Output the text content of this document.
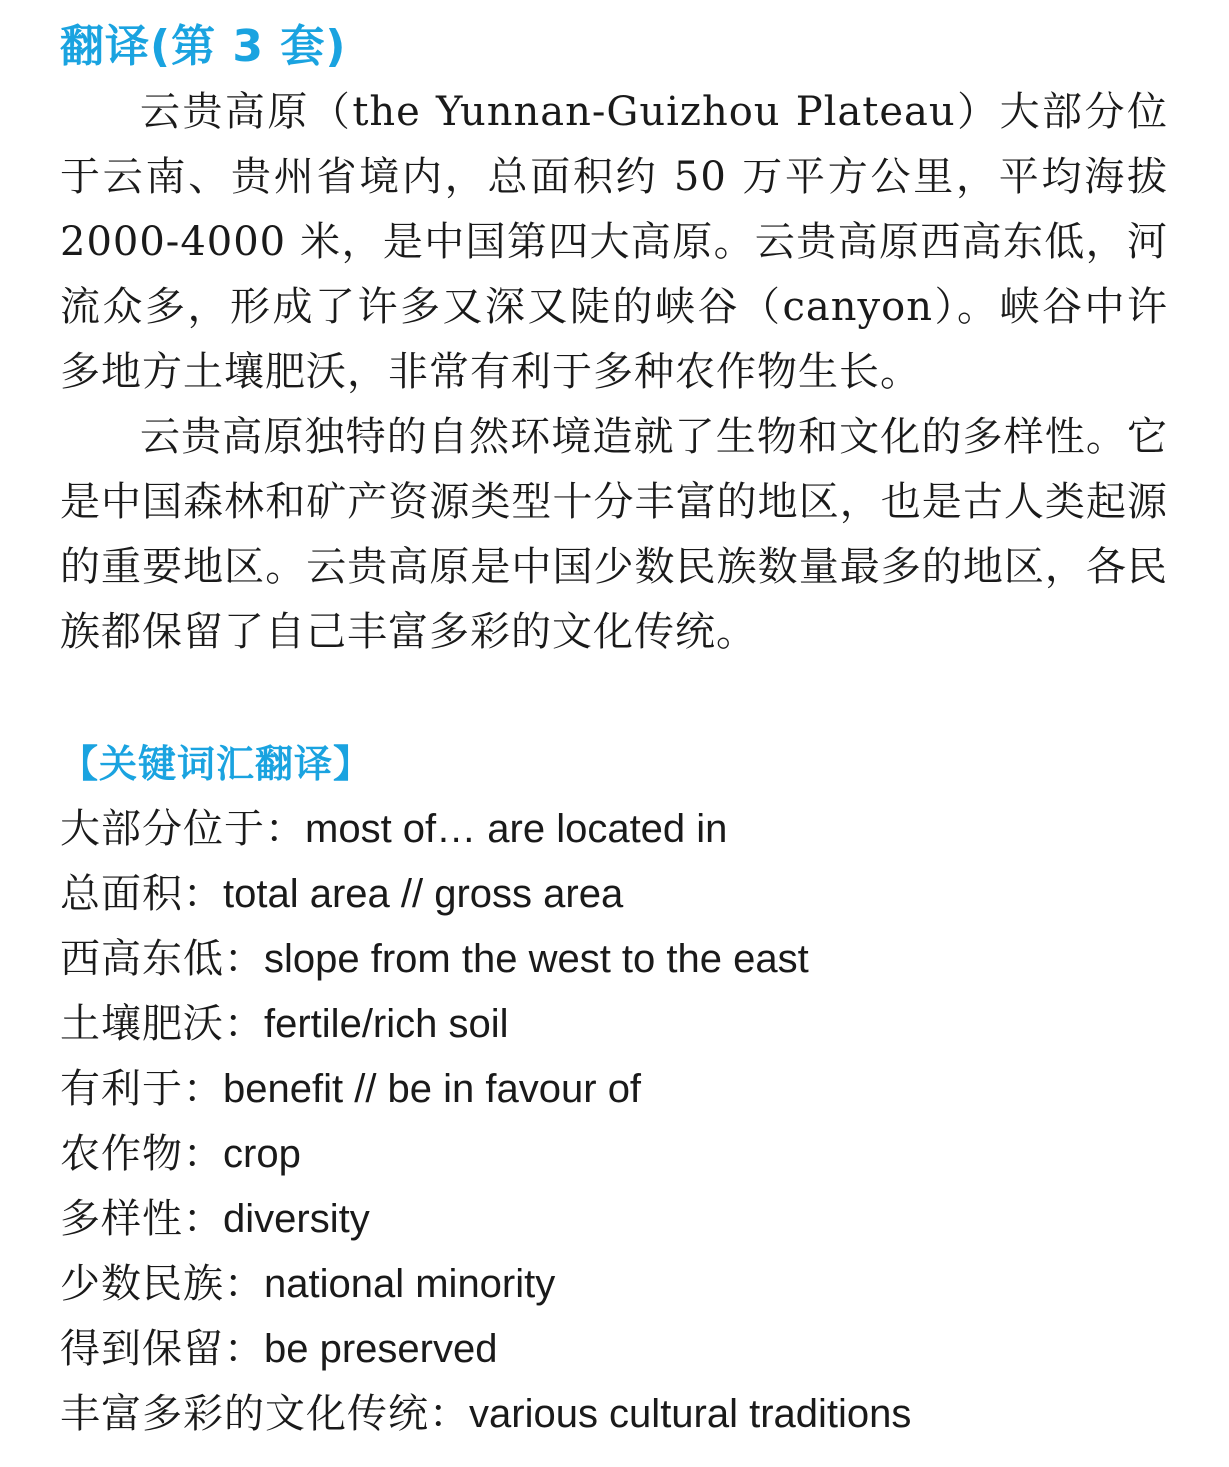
翻译(第 3 套)

云贵高原（the Yunnan-Guizhou Plateau）大部分位于云南、贵州省境内，总面积约 50 万平方公里，平均海拔 2000-4000 米，是中国第四大高原。云贵高原西高东低，河流众多，形成了许多又深又陡的峡谷（canyon）。峡谷中许多地方土壤肥沃，非常有利于多种农作物生长。

云贵高原独特的自然环境造就了生物和文化的多样性。它是中国森林和矿产资源类型十分丰富的地区，也是古人类起源的重要地区。云贵高原是中国少数民族数量最多的地区，各民族都保留了自己丰富多彩的文化传统。

【关键词汇翻译】
大部分位于：most of… are located in
总面积：total area // gross area
西高东低：slope from the west to the east
土壤肥沃：fertile/rich soil
有利于：benefit // be in favour of
农作物：crop
多样性：diversity
少数民族：national minority
得到保留：be preserved
丰富多彩的文化传统：various cultural traditions
